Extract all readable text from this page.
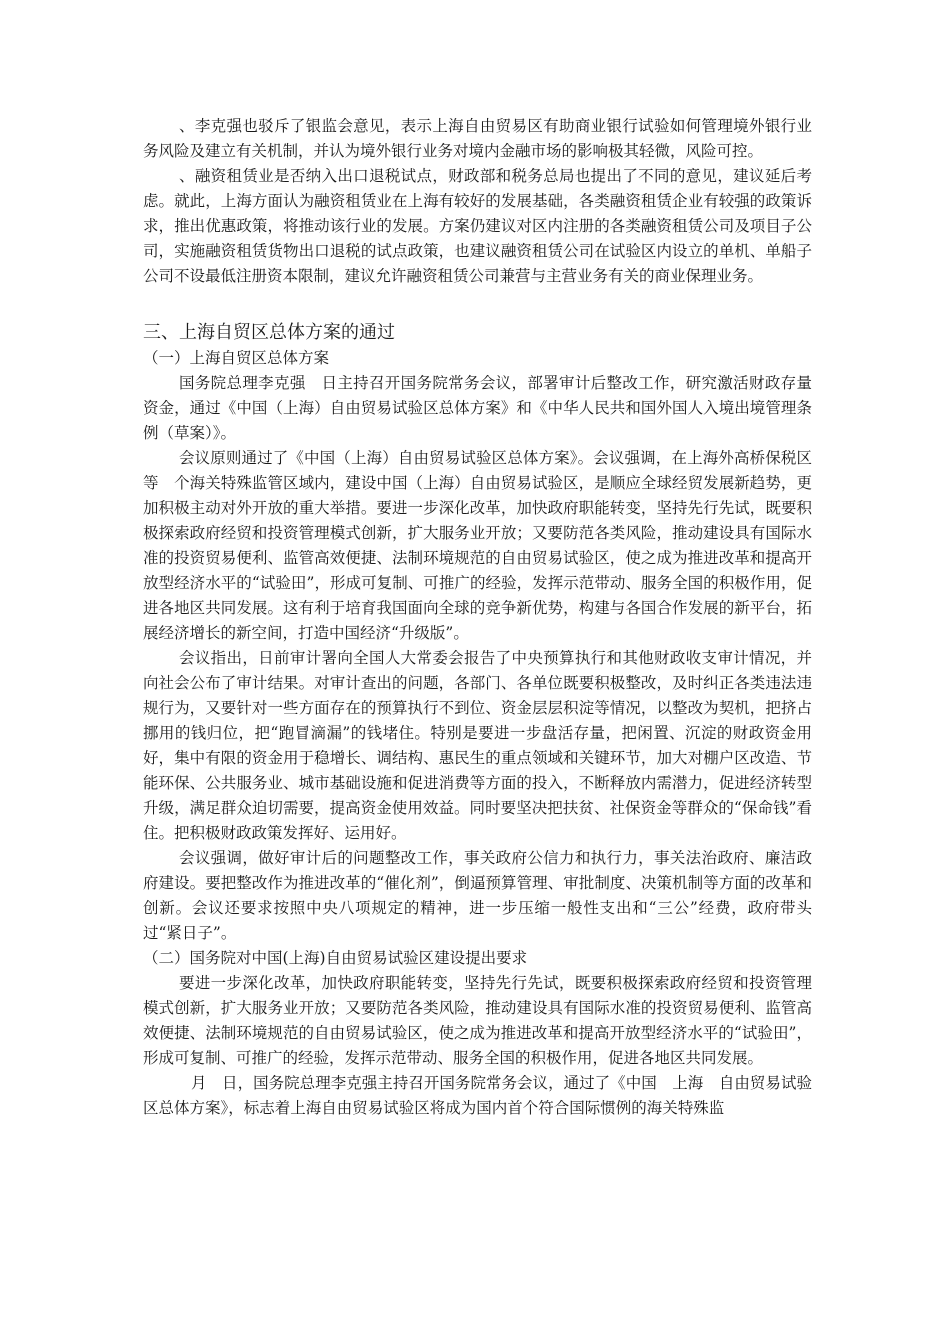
、李克强也驳斥了银监会意见，表示上海自由贸易区有助商业银行试验如何管理境外银行业务风险及建立有关机制，并认为境外银行业务对境内金融市场的影响极其轻微，风险可控。

、融资租赁业是否纳入出口退税试点，财政部和税务总局也提出了不同的意见，建议延后考虑。就此，上海方面认为融资租赁业在上海有较好的发展基础，各类融资租赁企业有较强的政策诉求，推出优惠政策，将推动该行业的发展。方案仍建议对区内注册的各类融资租赁公司及项目子公司，实施融资租赁货物出口退税的试点政策，也建议融资租赁公司在试验区内设立的单机、单船子公司不设最低注册资本限制，建议允许融资租赁公司兼营与主营业务有关的商业保理业务。

三、上海自贸区总体方案的通过
（一）上海自贸区总体方案

国务院总理李克强　日主持召开国务院常务会议，部署审计后整改工作，研究激活财政存量资金，通过《中国（上海）自由贸易试验区总体方案》和《中华人民共和国外国人入境出境管理条例（草案）》。

会议原则通过了《中国（上海）自由贸易试验区总体方案》。会议强调，在上海外高桥保税区等　个海关特殊监管区域内，建设中国（上海）自由贸易试验区，是顺应全球经贸发展新趋势，更加积极主动对外开放的重大举措。要进一步深化改革，加快政府职能转变，坚持先行先试，既要积极探索政府经贸和投资管理模式创新，扩大服务业开放；又要防范各类风险，推动建设具有国际水准的投资贸易便利、监管高效便捷、法制环境规范的自由贸易试验区，使之成为推进改革和提高开放型经济水平的“试验田”，形成可复制、可推广的经验，发挥示范带动、服务全国的积极作用，促进各地区共同发展。这有利于培育我国面向全球的竞争新优势，构建与各国合作发展的新平台，拓展经济增长的新空间，打造中国经济“升级版”。

会议指出，日前审计署向全国人大常委会报告了中央预算执行和其他财政收支审计情况，并向社会公布了审计结果。对审计查出的问题，各部门、各单位既要积极整改，及时纠正各类违法违规行为，又要针对一些方面存在的预算执行不到位、资金层层积淀等情况，以整改为契机，把挤占挪用的钱归位，把“跑冒滴漏”的钱堵住。特别是要进一步盘活存量，把闲置、沉淀的财政资金用好，集中有限的资金用于稳增长、调结构、惠民生的重点领域和关键环节，加大对棚户区改造、节能环保、公共服务业、城市基础设施和促进消费等方面的投入，不断释放内需潜力，促进经济转型升级，满足群众迫切需要，提高资金使用效益。同时要坚决把扶贫、社保资金等群众的“保命钱”看住。把积极财政政策发挥好、运用好。

会议强调，做好审计后的问题整改工作，事关政府公信力和执行力，事关法治政府、廉洁政府建设。要把整改作为推进改革的“催化剂”，倒逼预算管理、审批制度、决策机制等方面的改革和创新。会议还要求按照中央八项规定的精神，进一步压缩一般性支出和“三公”经费，政府带头过“紧日子”。

（二）国务院对中国(上海)自由贸易试验区建设提出要求

要进一步深化改革，加快政府职能转变，坚持先行先试，既要积极探索政府经贸和投资管理模式创新，扩大服务业开放；又要防范各类风险，推动建设具有国际水准的投资贸易便利、监管高效便捷、法制环境规范的自由贸易试验区，使之成为推进改革和提高开放型经济水平的“试验田”，形成可复制、可推广的经验，发挥示范带动、服务全国的积极作用，促进各地区共同发展。

月　日，国务院总理李克强主持召开国务院常务会议，通过了《中国　上海　自由贸易试验区总体方案》，标志着上海自由贸易试验区将成为国内首个符合国际惯例的海关特殊监
